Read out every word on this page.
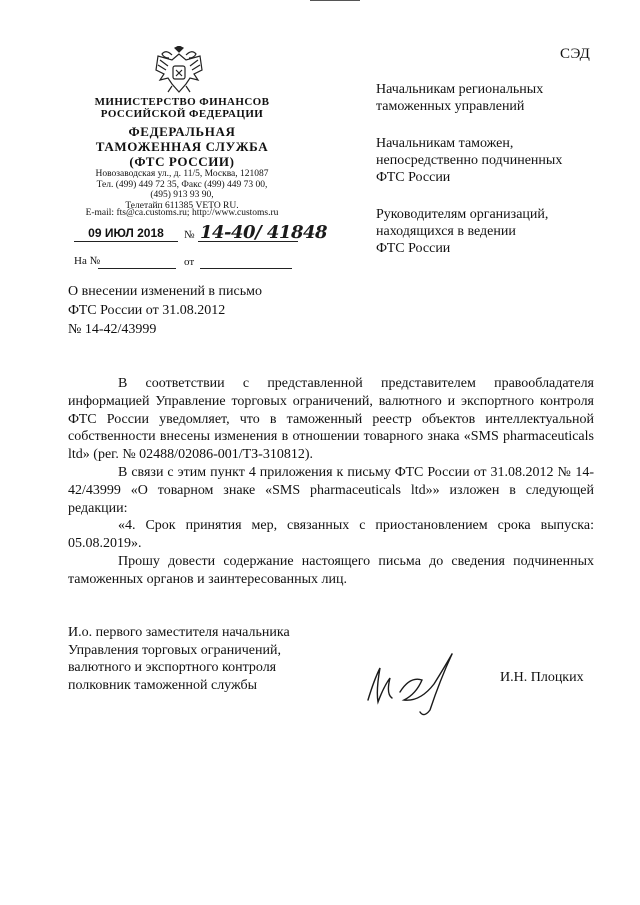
СЭД
МИНИСТЕРСТВО ФИНАНСОВ
РОССИЙСКОЙ ФЕДЕРАЦИИ
ФЕДЕРАЛЬНАЯ
ТАМОЖЕННАЯ СЛУЖБА
(ФТС РОССИИ)
Новозаводская ул., д. 11/5, Москва, 121087
Тел. (499) 449 72 35, Факс (499) 449 73 00,
(495) 913 93 90,
Телетайп 611385 VETO RU.
E-mail: fts@ca.customs.ru; http://www.customs.ru
09 ИЮЛ 2018	№ 14-40/ 41848
На №	от
О внесении изменений в письмо
ФТС России от 31.08.2012
№ 14-42/43999
Начальникам региональных
таможенных управлений
Начальникам таможен,
непосредственно подчиненных
ФТС России
Руководителям организаций,
находящихся в ведении
ФТС России

В соответствии с представленной представителем правообладателя информацией Управление торговых ограничений, валютного и экспортного контроля ФТС России уведомляет, что в таможенный реестр объектов интеллектуальной собственности внесены изменения в отношении товарного знака «SMS pharmaceuticals ltd» (рег. № 02488/02086-001/ТЗ-310812).

В связи с этим пункт 4 приложения к письму ФТС России от 31.08.2012 № 14-42/43999 «О товарном знаке «SMS pharmaceuticals ltd»» изложен в следующей редакции:

«4. Срок принятия мер, связанных с приостановлением срока выпуска: 05.08.2019».

Прошу довести содержание настоящего письма до сведения подчиненных таможенных органов и заинтересованных лиц.

И.о. первого заместителя начальника
Управления торговых ограничений,
валютного и экспортного контроля
полковник таможенной службы	И.Н. Плоцких
